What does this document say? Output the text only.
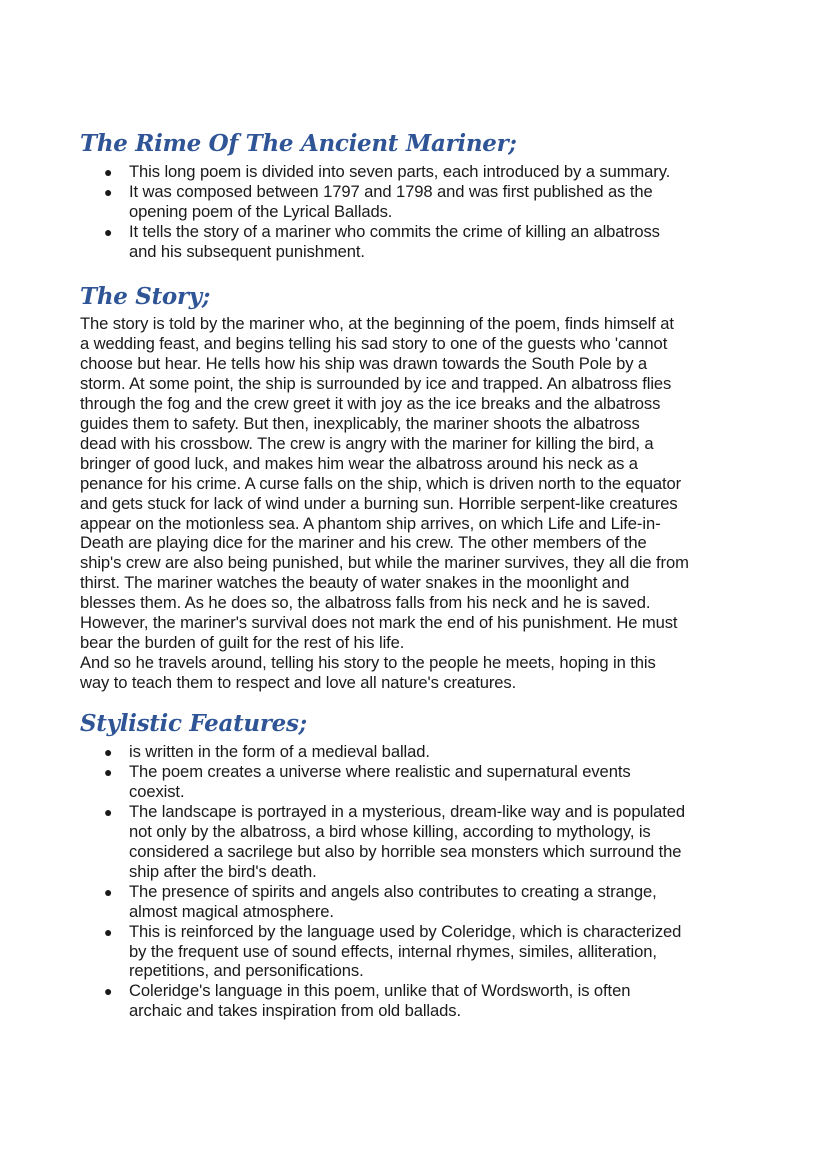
The Rime Of The Ancient Mariner;
● This long poem is divided into seven parts, each introduced by a summary.
● It was composed between 1797 and 1798 and was first published as the
opening poem of the Lyrical Ballads.
● It tells the story of a mariner who commits the crime of killing an albatross
and his subsequent punishment.
The Story;
The story is told by the mariner who, at the beginning of the poem, finds himself at
a wedding feast, and begins telling his sad story to one of the guests who 'cannot
choose but hear. He tells how his ship was drawn towards the South Pole by a
storm. At some point, the ship is surrounded by ice and trapped. An albatross flies
through the fog and the crew greet it with joy as the ice breaks and the albatross
guides them to safety. But then, inexplicably, the mariner shoots the albatross
dead with his crossbow. The crew is angry with the mariner for killing the bird, a
bringer of good luck, and makes him wear the albatross around his neck as a
penance for his crime. A curse falls on the ship, which is driven north to the equator
and gets stuck for lack of wind under a burning sun. Horrible serpent-like creatures
appear on the motionless sea. A phantom ship arrives, on which Life and Life-in-
Death are playing dice for the mariner and his crew. The other members of the
ship's crew are also being punished, but while the mariner survives, they all die from
thirst. The mariner watches the beauty of water snakes in the moonlight and
blesses them. As he does so, the albatross falls from his neck and he is saved.
However, the mariner's survival does not mark the end of his punishment. He must
bear the burden of guilt for the rest of his life.
And so he travels around, telling his story to the people he meets, hoping in this
way to teach them to respect and love all nature's creatures.
Stylistic Features;
● is written in the form of a medieval ballad.
● The poem creates a universe where realistic and supernatural events
coexist.
● The landscape is portrayed in a mysterious, dream-like way and is populated
not only by the albatross, a bird whose killing, according to mythology, is
considered a sacrilege but also by horrible sea monsters which surround the
ship after the bird's death.
● The presence of spirits and angels also contributes to creating a strange,
almost magical atmosphere.
● This is reinforced by the language used by Coleridge, which is characterized
by the frequent use of sound effects, internal rhymes, similes, alliteration,
repetitions, and personifications.
● Coleridge's language in this poem, unlike that of Wordsworth, is often
archaic and takes inspiration from old ballads.
